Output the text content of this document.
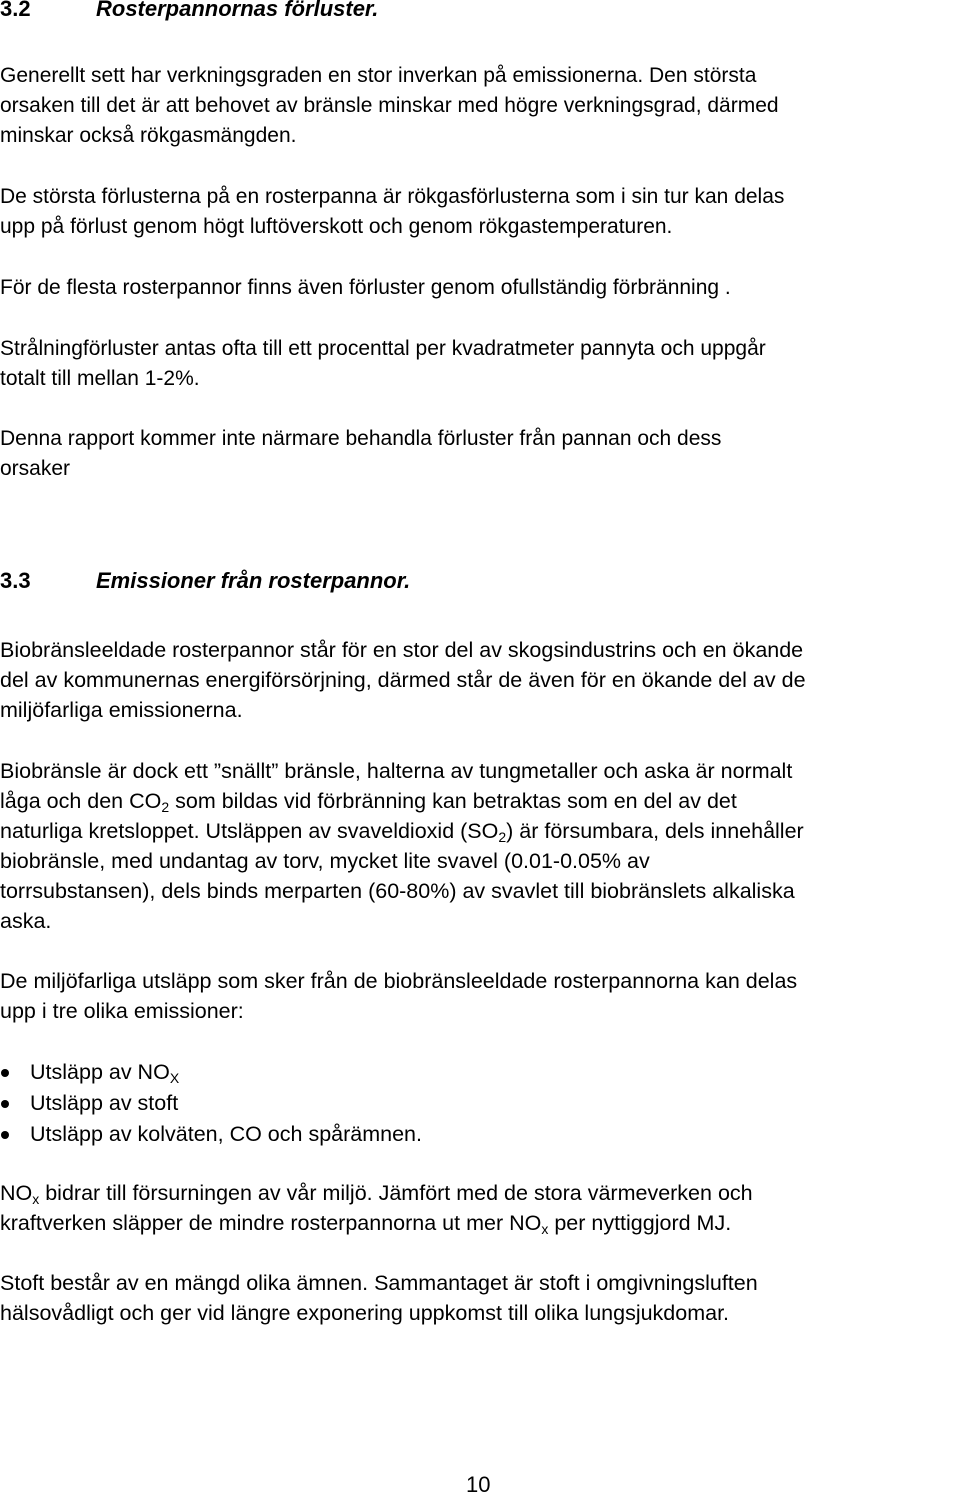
3.2	Rosterpannornas förluster.

Generellt sett har verkningsgraden en stor inverkan på emissionerna. Den största
orsaken till det är att behovet av bränsle minskar med högre verkningsgrad, därmed
minskar också rökgasmängden.

De största förlusterna på en rosterpanna är rökgasförlusterna som i sin tur kan delas
upp på förlust genom högt luftöverskott och genom rökgastemperaturen.

För de flesta rosterpannor finns även förluster genom ofullständig förbränning .

Strålningförluster antas ofta till ett procenttal per kvadratmeter pannyta och uppgår
totalt till mellan 1-2%.

Denna rapport kommer inte närmare behandla förluster från pannan och dess
orsaker

3.3	Emissioner från rosterpannor.

Biobränsleeldade rosterpannor står för en stor del av skogsindustrins och en ökande
del av kommunernas energiförsörjning, därmed står de även för en ökande del av de
miljöfarliga emissionerna.

Biobränsle är dock ett ”snällt” bränsle, halterna av tungmetaller och aska är normalt
låga och den $CO_2$ som bildas vid förbränning kan betraktas som en del av det
naturliga kretsloppet. Utsläppen av svaveldioxid $(SO_2)$ är försumbara, dels innehåller
biobränsle, med undantag av torv, mycket lite svavel (0.01-0.05% av
torrsubstansen), dels binds merparten (60-80%) av svavlet till biobränslets alkaliska
aska.

De miljöfarliga utsläpp som sker från de biobränsleeldade rosterpannorna kan delas
upp i tre olika emissioner:

Utsläpp av $NO_X$
Utsläpp av stoft
Utsläpp av kolväten, CO och spårämnen.

$NO_x$ bidrar till försurningen av vår miljö. Jämfört med de stora värmeverken och
kraftverken släpper de mindre rosterpannorna ut mer $NO_x$ per nyttiggjord MJ.

Stoft består av en mängd olika ämnen. Sammantaget är stoft i omgivningsluften
hälsovådligt och ger vid längre exponering uppkomst till olika lungsjukdomar.

10
